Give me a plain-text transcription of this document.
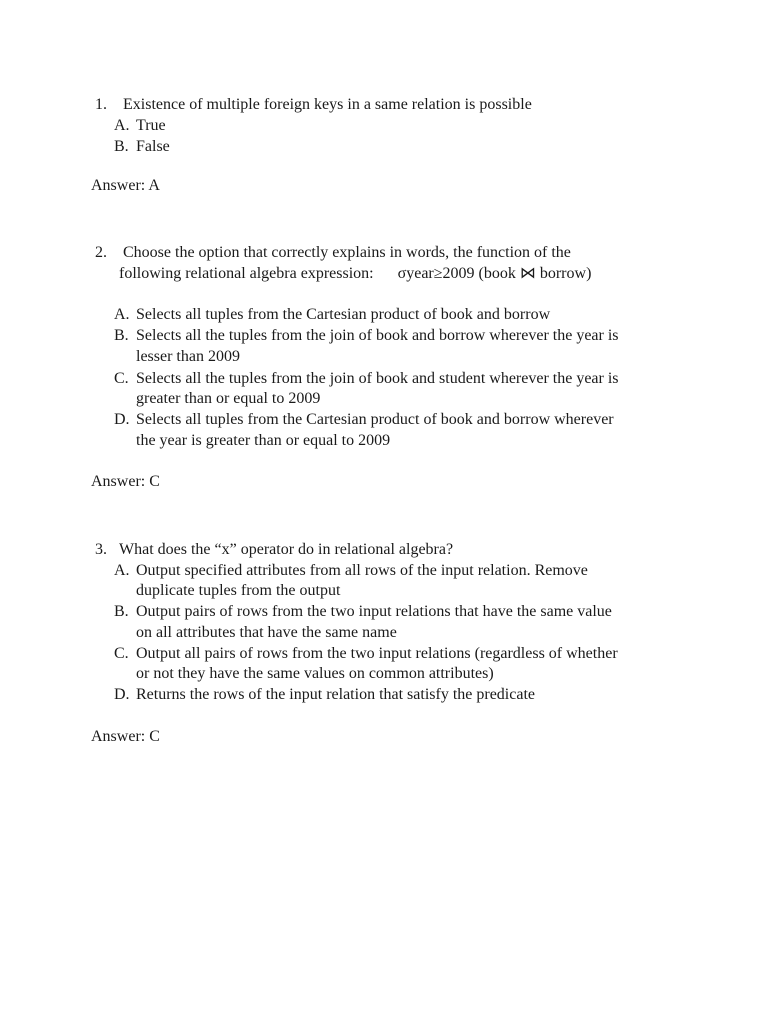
1. Existence of multiple foreign keys in a same relation is possible
A. True
B. False
Answer: A
2. Choose the option that correctly explains in words, the function of the
following relational algebra expression:      σyear≥2009 (book ⋈ borrow)
A. Selects all tuples from the Cartesian product of book and borrow
B. Selects all the tuples from the join of book and borrow wherever the year is
lesser than 2009
C. Selects all the tuples from the join of book and student wherever the year is
greater than or equal to 2009
D. Selects all tuples from the Cartesian product of book and borrow wherever
the year is greater than or equal to 2009
Answer: C
3. What does the “x” operator do in relational algebra?
A. Output specified attributes from all rows of the input relation. Remove
duplicate tuples from the output
B. Output pairs of rows from the two input relations that have the same value
on all attributes that have the same name
C. Output all pairs of rows from the two input relations (regardless of whether
or not they have the same values on common attributes)
D. Returns the rows of the input relation that satisfy the predicate
Answer: C
